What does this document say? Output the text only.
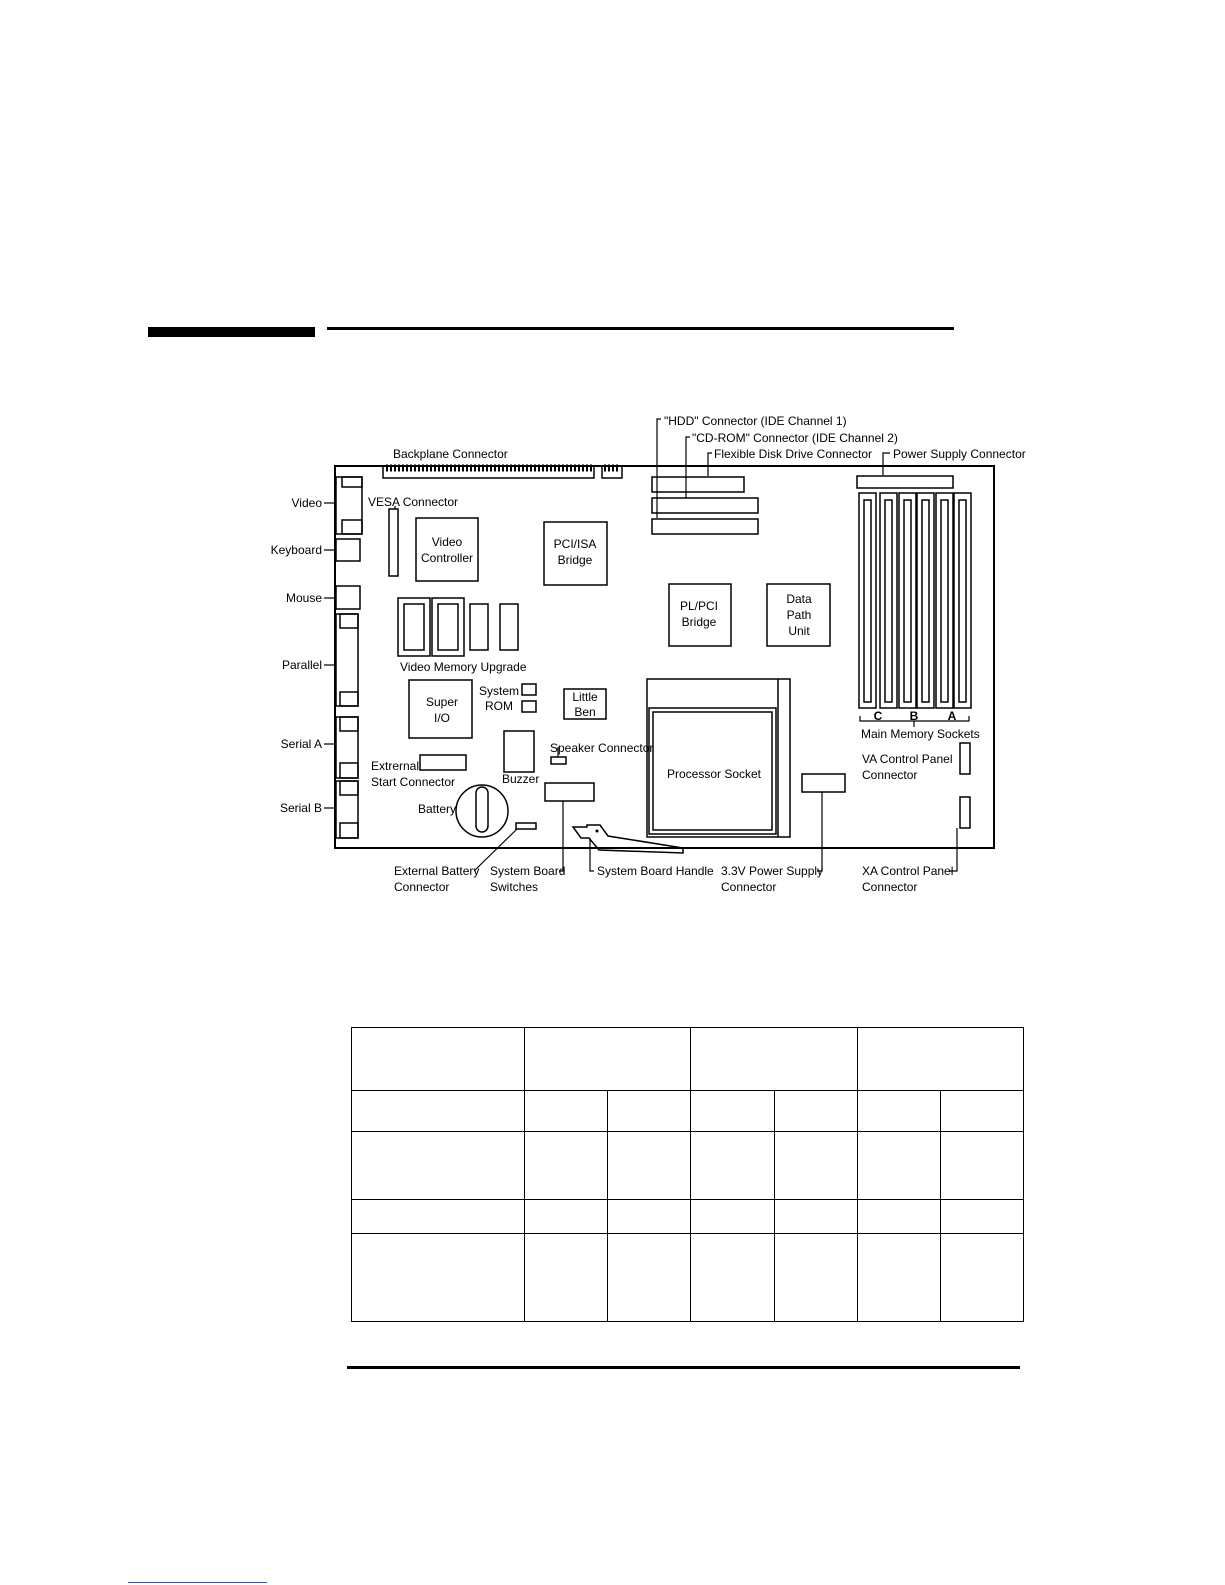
Backplane Connector
"HDD" Connector (IDE Channel 1)
"CD-ROM" Connector (IDE Channel 2)
Flexible Disk Drive Connector Power Supply Connector
Video
Keyboard
Mouse
Parallel
Serial A
Serial B
VESA Connector
Video
Controller
PCI/ISA
Bridge
PL/PCI
Bridge
Data
Path
Unit
Video Memory Upgrade
Super
I/O
System
ROM
Little
Ben
Speaker Connector
Processor Socket
Buzzer
Extrernal
Start Connector
Battery
C B A
Main Memory Sockets
VA Control Panel
Connector
External Battery
Connector
System Board
Switches
System Board Handle 3.3V Power Supply
Connector
XA Control Panel
Connector
